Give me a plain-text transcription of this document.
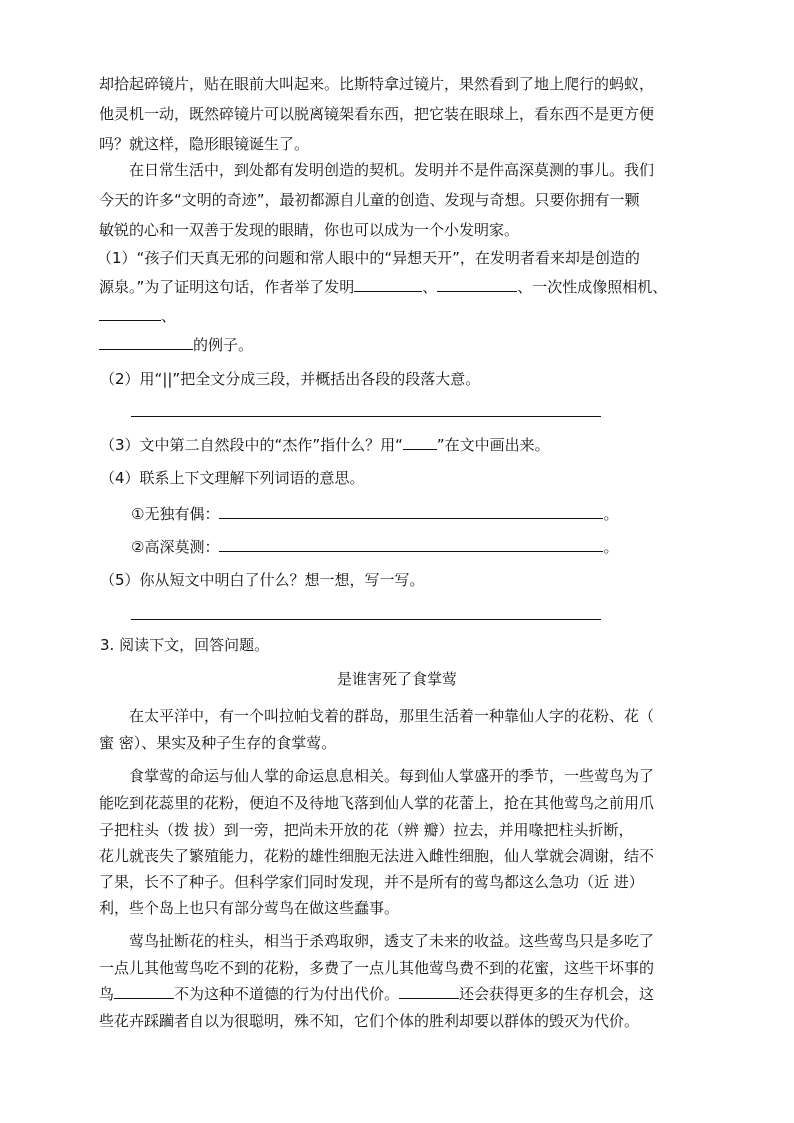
却拾起碎镜片，贴在眼前大叫起来。比斯特拿过镜片，果然看到了地上爬行的蚂蚁，
他灵机一动，既然碎镜片可以脱离镜架看东西，把它装在眼球上，看东西不是更方便
吗？就这样，隐形眼镜诞生了。
在日常生活中，到处都有发明创造的契机。发明并不是件高深莫测的事儿。我们
今天的许多“文明的奇迹”，最初都源自儿童的创造、发现与奇想。只要你拥有一颗
敏锐的心和一双善于发现的眼睛，你也可以成为一个小发明家。
（1）“孩子们天真无邪的问题和常人眼中的“异想天开”，在发明者看来却是创造的
源泉。”为了证明这句话，作者举了发明	、	、一次性成像照相机、
、
的例子。
（2）用“||”把全文分成三段，并概括出各段的段落大意。
（3）文中第二自然段中的“杰作”指什么？用“ ”在文中画出来。
（4）联系上下文理解下列词语的意思。
①无独有偶：	。
②高深莫测：	。
（5）你从短文中明白了什么？想一想，写一写。
3. 阅读下文，回答问题。
是谁害死了食掌莺
在太平洋中，有一个叫拉帕戈着的群岛，那里生活着一种靠仙人字的花粉、花（
蜜 密）、果实及种子生存的食掌莺。
食掌莺的命运与仙人掌的命运息息相关。每到仙人掌盛开的季节，一些莺鸟为了
能吃到花蕊里的花粉，便迫不及待地飞落到仙人掌的花蕾上，抢在其他莺鸟之前用爪
子把柱头（拨 拔）到一旁，把尚未开放的花（辨 瓣）拉去，并用喙把柱头折断，
花儿就丧失了繁殖能力，花粉的雄性细胞无法进入雌性细胞，仙人掌就会凋谢，结不
了果，长不了种子。但科学家们同时发现，并不是所有的莺鸟都这么急功（近 进）
利，些个岛上也只有部分莺鸟在做这些蠢事。
莺鸟扯断花的柱头，相当于杀鸡取卵，透支了未来的收益。这些莺鸟只是多吃了
一点儿其他莺鸟吃不到的花粉，多费了一点儿其他莺鸟费不到的花蜜，这些干坏事的
鸟	不为这种不道德的行为付出代价。	还会获得更多的生存机会，这
些花卉踩躏者自以为很聪明，殊不知，它们个体的胜利却要以群体的毁灭为代价。
